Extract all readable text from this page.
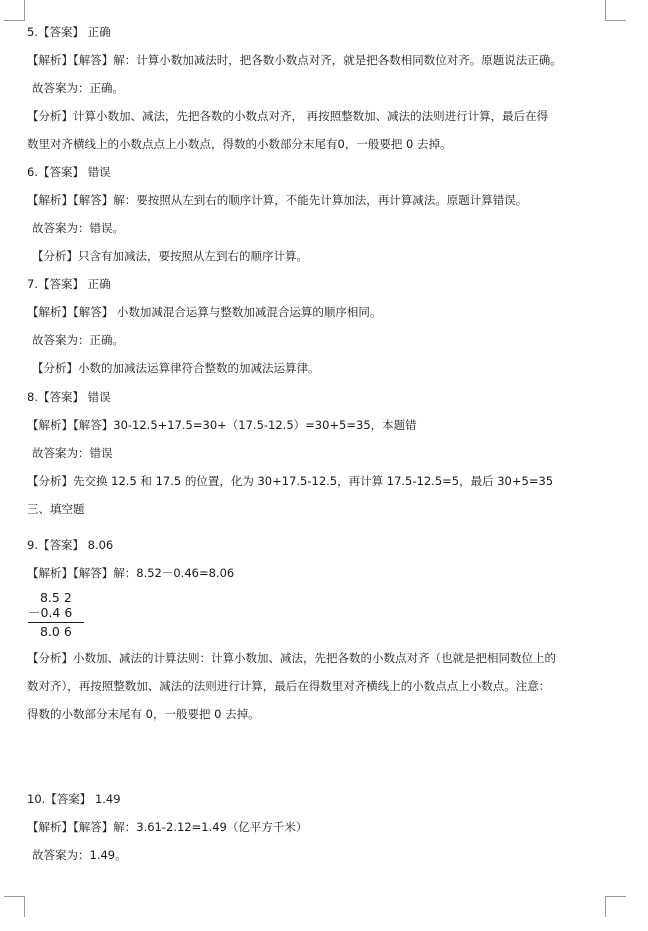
5.【答案】 正确
【解析】【解答】解：计算小数加减法时，把各数小数点对齐，就是把各数相同数位对齐。原题说法正确。
故答案为：正确。
【分析】计算小数加、减法，先把各数的小数点对齐， 再按照整数加、减法的法则进行计算，最后在得
数里对齐横线上的小数点点上小数点，得数的小数部分末尾有0，一般要把 0 去掉。
6.【答案】 错误
【解析】【解答】解：要按照从左到右的顺序计算，不能先计算加法，再计算减法。原题计算错误。
故答案为：错误。
【分析】只含有加减法，要按照从左到右的顺序计算。
7.【答案】 正确
【解析】【解答】 小数加减混合运算与整数加减混合运算的顺序相同。
故答案为：正确。
【分析】小数的加减法运算律符合整数的加减法运算律。
8.【答案】 错误
【解析】【解答】30-12.5+17.5=30+（17.5-12.5）=30+5=35，本题错
故答案为：错误
【分析】先交换 12.5 和 17.5 的位置，化为 30+17.5-12.5，再计算 17.5-12.5=5，最后 30+5=35
三、填空题
9.【答案】 8.06
【解析】【解答】解：8.52－0.46=8.06
8.5 2
－0.4 6
8.0 6
【分析】小数加、减法的计算法则：计算小数加、减法，先把各数的小数点对齐（也就是把相同数位上的
数对齐），再按照整数加、减法的法则进行计算，最后在得数里对齐横线上的小数点点上小数点。注意：
得数的小数部分末尾有 0，一般要把 0 去掉。
10.【答案】 1.49
【解析】【解答】解：3.61-2.12=1.49（亿平方千米）
故答案为：1.49。
